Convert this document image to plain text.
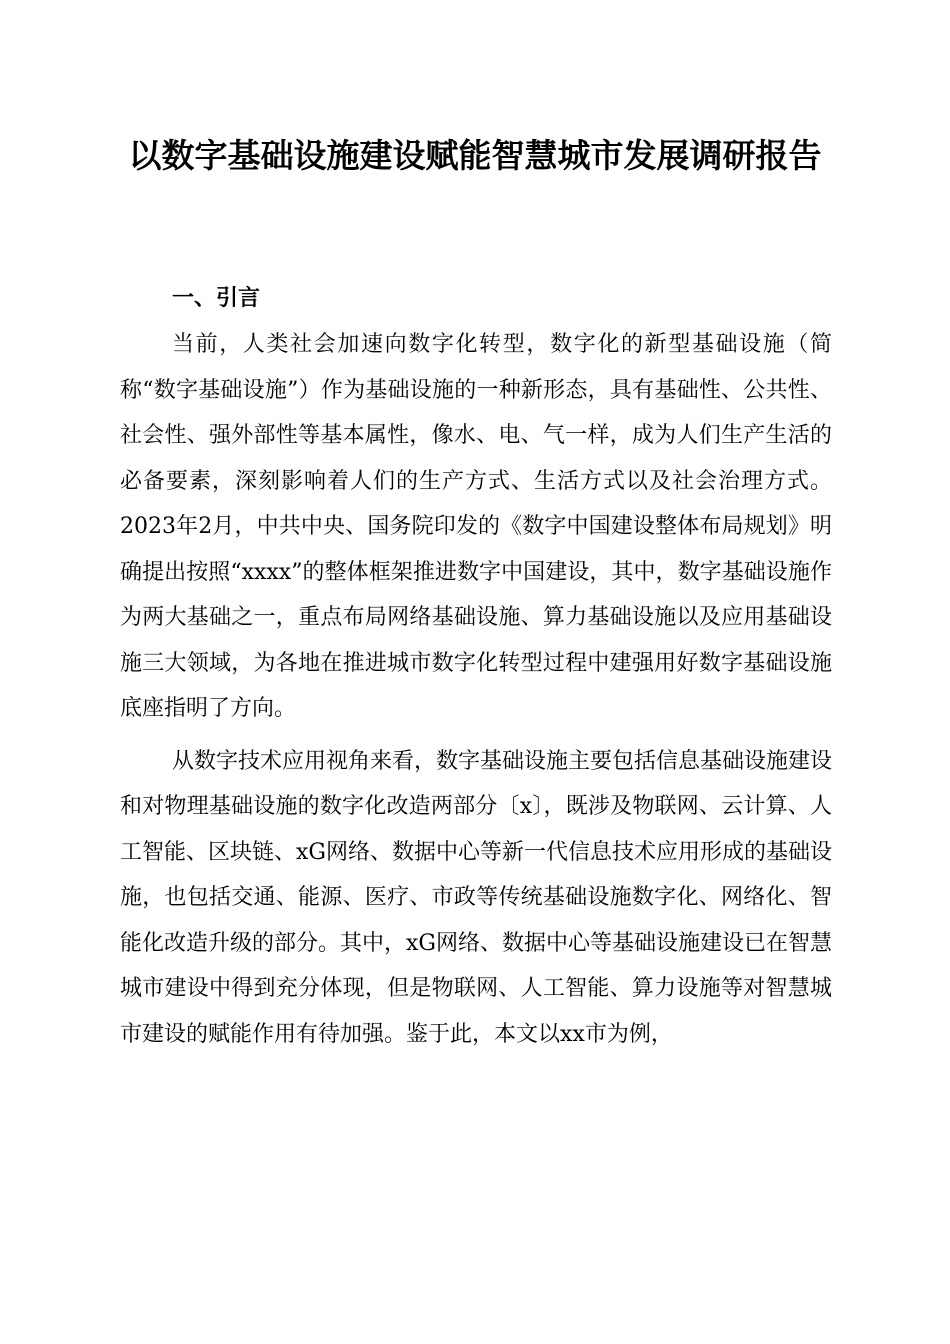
以数字基础设施建设赋能智慧城市发展调研报告
一、引言

当前，人类社会加速向数字化转型，数字化的新型基础设施（简称“数字基础设施”）作为基础设施的一种新形态，具有基础性、公共性、社会性、强外部性等基本属性，像水、电、气一样，成为人们生产生活的必备要素，深刻影响着人们的生产方式、生活方式以及社会治理方式。2023年2月，中共中央、国务院印发的《数字中国建设整体布局规划》明确提出按照“xxxx”的整体框架推进数字中国建设，其中，数字基础设施作为两大基础之一，重点布局网络基础设施、算力基础设施以及应用基础设施三大领域，为各地在推进城市数字化转型过程中建强用好数字基础设施底座指明了方向。

从数字技术应用视角来看，数字基础设施主要包括信息基础设施建设和对物理基础设施的数字化改造两部分〔x〕，既涉及物联网、云计算、人工智能、区块链、xG网络、数据中心等新一代信息技术应用形成的基础设施，也包括交通、能源、医疗、市政等传统基础设施数字化、网络化、智能化改造升级的部分。其中，xG网络、数据中心等基础设施建设已在智慧城市建设中得到充分体现，但是物联网、人工智能、算力设施等对智慧城市建设的赋能作用有待加强。鉴于此，本文以xx市为例，
